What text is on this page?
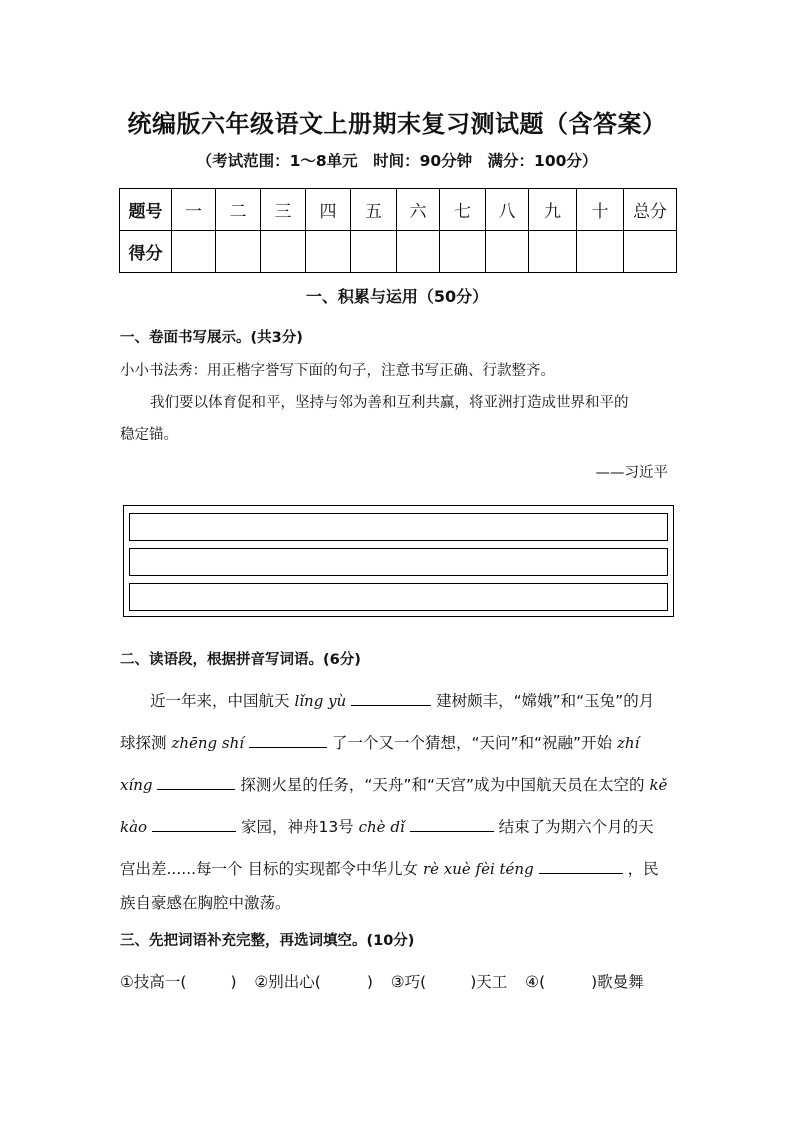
统编版六年级语文上册期末复习测试题（含答案）
（考试范围：1～8单元 时间：90分钟 满分：100分）
题号	一	二	三	四	五	六	七	八	九	十	总分
得分											
一、积累与运用（50分）
一、卷面书写展示。(共3分)
小小书法秀：用正楷字誉写下面的句子，注意书写正确、行款整齐。
我们要以体育促和平，坚持与邻为善和互利共赢，将亚洲打造成世界和平的
稳定锚。
——习近平
二、读语段，根据拼音写词语。(6分)
近一年来，中国航天 lǐng yù	建树颇丰，“嫦娥”和“玉兔”的月
球探测 zhēng shí	了一个又一个猜想，“天问”和“祝融”开始 zhí
xíng	探测火星的任务，“天舟”和“天宫”成为中国航天员在太空的 kě
kào	家园，神舟13号 chè dǐ	结束了为期六个月的天
宫出差......每一个 目标的实现都令中华儿女 rè xuè fèi téng	，民
族自豪感在胸腔中激荡。
三、先把词语补充完整，再选词填空。(10分)
①技高一(	) ②别出心(	) ③巧(	)天工 ④(	)歌曼舞
